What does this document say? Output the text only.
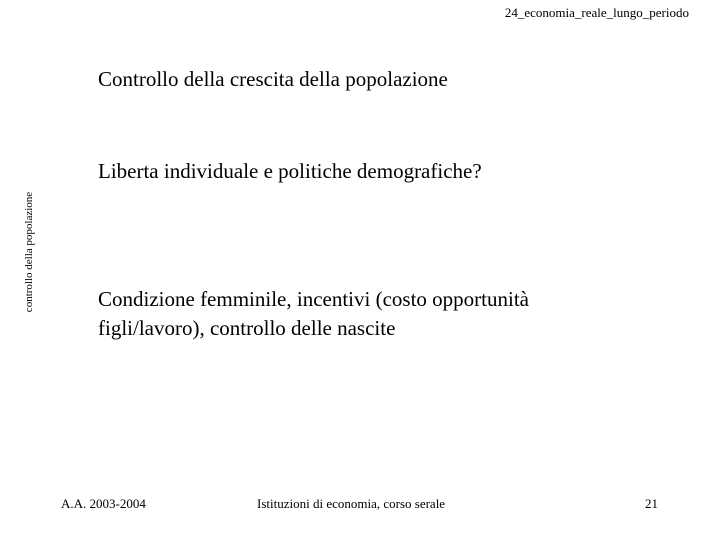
24_economia_reale_lungo_periodo
controllo della popolazione
Controllo della crescita della popolazione
Liberta individuale e politiche demografiche?
Condizione femminile, incentivi (costo opportunità figli/lavoro), controllo delle nascite
A.A. 2003-2004	Istituzioni di economia, corso serale	21
